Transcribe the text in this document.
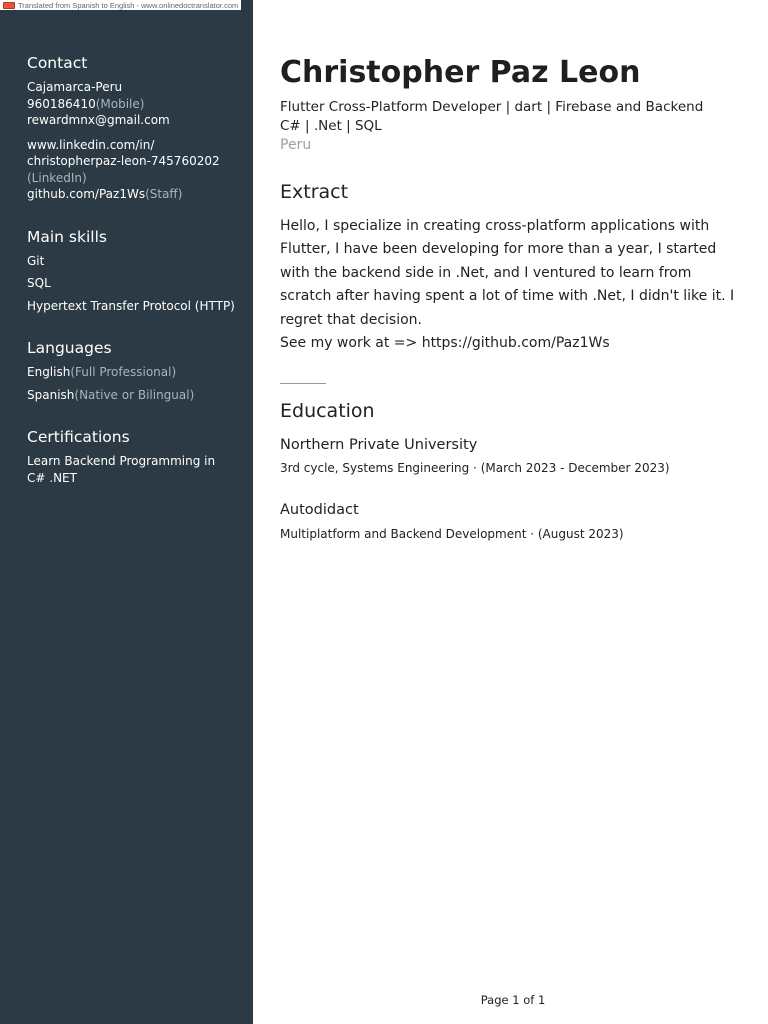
Translated from Spanish to English - www.onlinedoctranslator.com
Contact
Cajamarca-Peru
960186410(Mobile)
rewardmnx@gmail.com
www.linkedin.com/in/
christopherpaz-leon-745760202
(LinkedIn) github.com/Paz1Ws(Staff)
Main skills
Git
SQL
Hypertext Transfer Protocol (HTTP)
Languages
English(Full Professional)
Spanish(Native or Bilingual)
Certifications
Learn Backend Programming in C# .NET
Christopher Paz Leon
Flutter Cross-Platform Developer | dart | Firebase and Backend C# | .Net | SQL
Peru
Extract
Hello, I specialize in creating cross-platform applications with Flutter, I have been developing for more than a year, I started with the backend side in .Net, and I ventured to learn from scratch after having spent a lot of time with .Net, I didn't like it. I regret that decision.
See my work at => https://github.com/Paz1Ws
Education
Northern Private University
3rd cycle, Systems Engineering · (March 2023 - December 2023)
Autodidact
Multiplatform and Backend Development · (August 2023)
Page 1 of 1
